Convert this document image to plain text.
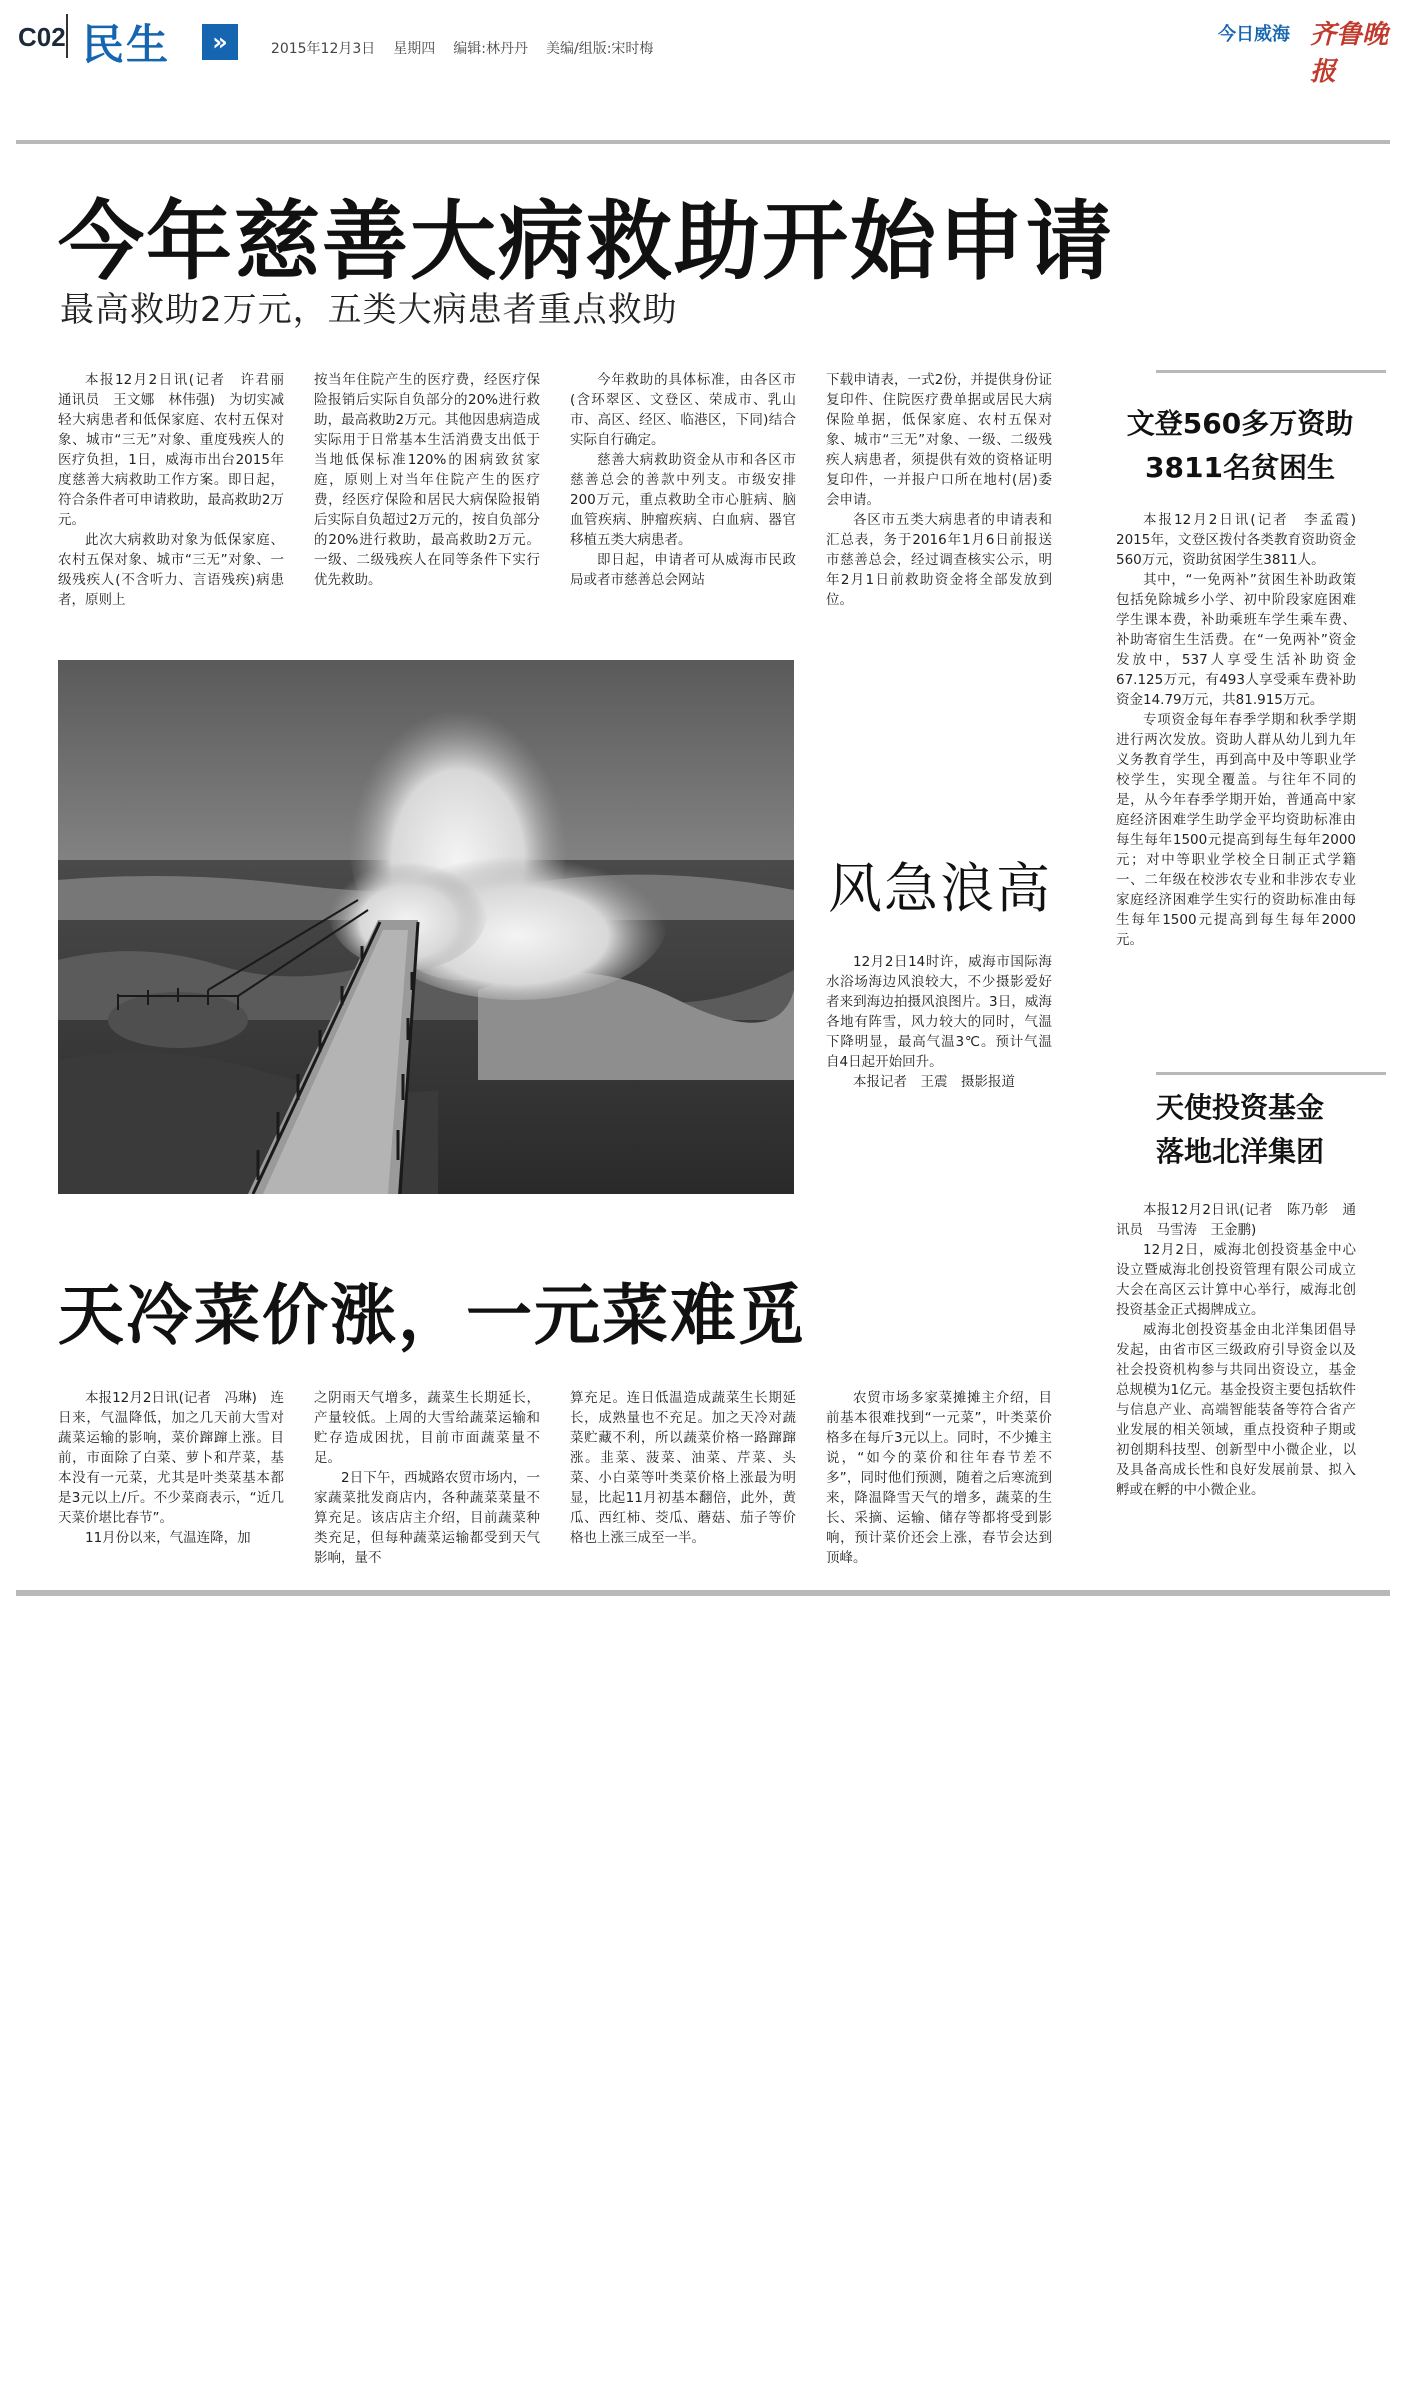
C02 民生	»	2015年12月3日 星期四 编辑:林丹丹 美编/组版:宋时梅

今日威海 齐鲁晚报
今年慈善大病救助开始申请
最高救助2万元，五类大病患者重点救助

本报12月2日讯(记者　许君丽　通讯员　王文娜　林伟强)　为切实减轻大病患者和低保家庭、农村五保对象、城市“三无”对象、重度残疾人的医疗负担，1日，威海市出台2015年度慈善大病救助工作方案。即日起，符合条件者可申请救助，最高救助2万元。

此次大病救助对象为低保家庭、农村五保对象、城市“三无”对象、一级残疾人(不含听力、言语残疾)病患者，原则上

按当年住院产生的医疗费，经医疗保险报销后实际自负部分的20%进行救助，最高救助2万元。其他因患病造成实际用于日常基本生活消费支出低于当地低保标准120%的困病致贫家庭，原则上对当年住院产生的医疗费，经医疗保险和居民大病保险报销后实际自负超过2万元的，按自负部分的20%进行救助，最高救助2万元。一级、二级残疾人在同等条件下实行优先救助。

今年救助的具体标准，由各区市(含环翠区、文登区、荣成市、乳山市、高区、经区、临港区，下同)结合实际自行确定。

慈善大病救助资金从市和各区市慈善总会的善款中列支。市级安排200万元，重点救助全市心脏病、脑血管疾病、肿瘤疾病、白血病、器官移植五类大病患者。

即日起，申请者可从威海市民政局或者市慈善总会网站

下载申请表，一式2份，并提供身份证复印件、住院医疗费单据或居民大病保险单据，低保家庭、农村五保对象、城市“三无”对象、一级、二级残疾人病患者，须提供有效的资格证明复印件，一并报户口所在地村(居)委会申请。

各区市五类大病患者的申请表和汇总表，务于2016年1月6日前报送市慈善总会，经过调查核实公示，明年2月1日前救助资金将全部发放到位。

风急浪高

12月2日14时许，威海市国际海水浴场海边风浪较大，不少摄影爱好者来到海边拍摄风浪图片。3日，威海各地有阵雪，风力较大的同时，气温下降明显，最高气温3℃。预计气温自4日起开始回升。

本报记者　王震　摄影报道

天冷菜价涨，一元菜难觅

本报12月2日讯(记者　冯琳)　连日来，气温降低，加之几天前大雪对蔬菜运输的影响，菜价蹿蹿上涨。目前，市面除了白菜、萝卜和芹菜，基本没有一元菜，尤其是叶类菜基本都是3元以上/斤。不少菜商表示，“近几天菜价堪比春节”。

11月份以来，气温连降，加

之阴雨天气增多，蔬菜生长期延长，产量较低。上周的大雪给蔬菜运输和贮存造成困扰，目前市面蔬菜量不足。

2日下午，西城路农贸市场内，一家蔬菜批发商店内，各种蔬菜菜量不算充足。该店店主介绍，目前蔬菜种类充足，但每种蔬菜运输都受到天气影响，量不

算充足。连日低温造成蔬菜生长期延长，成熟量也不充足。加之天冷对蔬菜贮藏不利，所以蔬菜价格一路蹿蹿涨。韭菜、菠菜、油菜、芹菜、头菜、小白菜等叶类菜价格上涨最为明显，比起11月初基本翻倍，此外，黄瓜、西红柿、茭瓜、蘑菇、茄子等价格也上涨三成至一半。

农贸市场多家菜摊摊主介绍，目前基本很难找到“一元菜”，叶类菜价格多在每斤3元以上。同时，不少摊主说，“如今的菜价和往年春节差不多”，同时他们预测，随着之后寒流到来，降温降雪天气的增多，蔬菜的生长、采摘、运输、储存等都将受到影响，预计菜价还会上涨，春节会达到顶峰。

文登560多万资助
3811名贫困生

本报12月2日讯(记者　李孟霞)　2015年，文登区拨付各类教育资助资金560万元，资助贫困学生3811人。

其中，“一免两补”贫困生补助政策包括免除城乡小学、初中阶段家庭困难学生课本费，补助乘班车学生乘车费、补助寄宿生生活费。在“一免两补”资金发放中，537人享受生活补助资金67.125万元，有493人享受乘车费补助资金14.79万元，共81.915万元。

专项资金每年春季学期和秋季学期进行两次发放。资助人群从幼儿到九年义务教育学生，再到高中及中等职业学校学生，实现全覆盖。与往年不同的是，从今年春季学期开始，普通高中家庭经济困难学生助学金平均资助标准由每生每年1500元提高到每生每年2000元；对中等职业学校全日制正式学籍一、二年级在校涉农专业和非涉农专业家庭经济困难学生实行的资助标准由每生每年1500元提高到每生每年2000元。

天使投资基金
落地北洋集团

本报12月2日讯(记者　陈乃彰　通讯员　马雪涛　王金鹏)

12月2日，威海北创投资基金中心设立暨威海北创投资管理有限公司成立大会在高区云计算中心举行，威海北创投资基金正式揭牌成立。

威海北创投资基金由北洋集团倡导发起，由省市区三级政府引导资金以及社会投资机构参与共同出资设立，基金总规模为1亿元。基金投资主要包括软件与信息产业、高端智能装备等符合省产业发展的相关领域，重点投资种子期或初创期科技型、创新型中小微企业，以及具备高成长性和良好发展前景、拟入孵或在孵的中小微企业。
